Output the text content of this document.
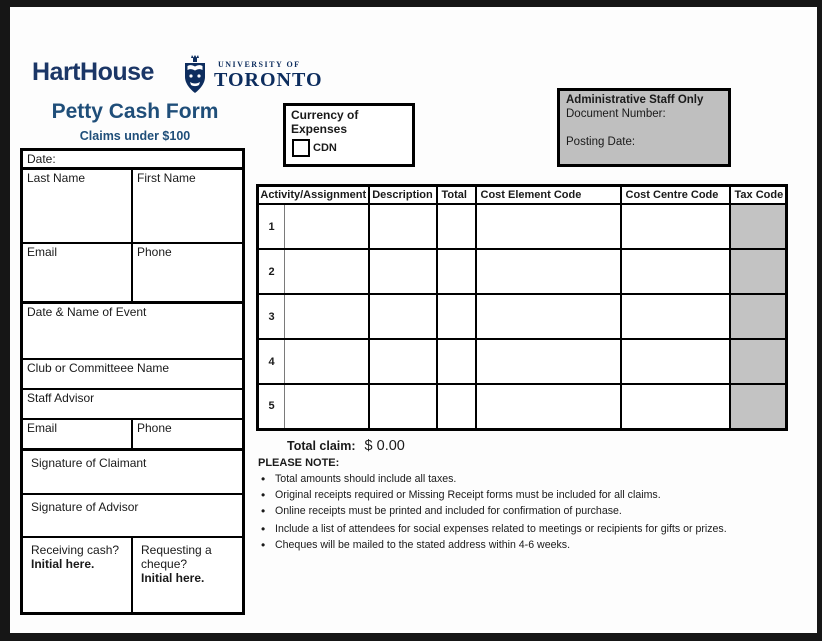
HartHouse	UNIVERSITY OF
TORONTO
Petty Cash Form
Claims under $100
Date:
Last Name	First Name
Email	Phone
Date & Name of Event
Club or Committeee Name
Staff Advisor
Email	Phone
Signature of Claimant
Signature of Advisor
Receiving cash?
Initial here.
Requesting a cheque?
Initial here.
Currency of Expenses
CDN
Administrative Staff Only
Document Number:
Posting Date:
Activity/Assignment		Description	Total	Cost Element Code	Cost Centre Code	Tax Code
1						
2						
3						
4						
5						
Total claim: $ 0.00
PLEASE NOTE:
• Total amounts should include all taxes.
• Original receipts required or Missing Receipt forms must be included for all claims.
• Online receipts must be printed and included for confirmation of purchase.
• Include a list of attendees for social expenses related to meetings or recipients for gifts or prizes.
• Cheques will be mailed to the stated address within 4-6 weeks.
